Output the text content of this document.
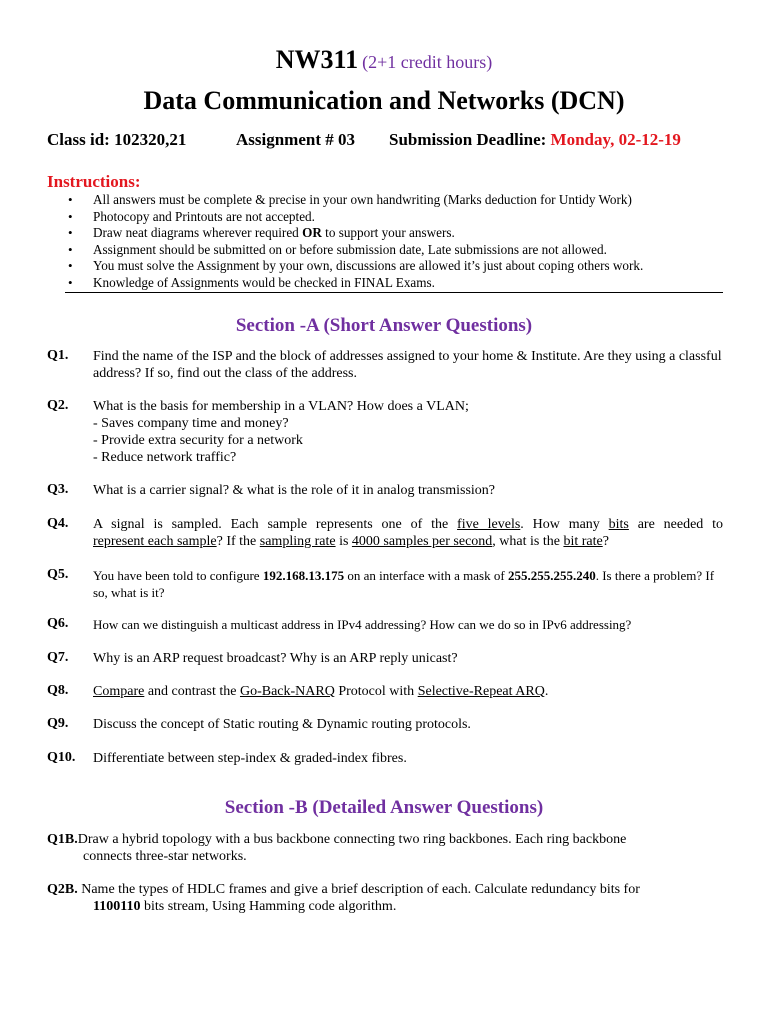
NW311 (2+1 credit hours)
Data Communication and Networks (DCN)
Class id: 102320,21	Assignment # 03 Submission Deadline: Monday, 02-12-19
Instructions:
• All answers must be complete & precise in your own handwriting (Marks deduction for Untidy Work)
• Photocopy and Printouts are not accepted.
• Draw neat diagrams wherever required OR to support your answers.
• Assignment should be submitted on or before submission date, Late submissions are not allowed.
• You must solve the Assignment by your own, discussions are allowed it’s just about coping others work.
• Knowledge of Assignments would be checked in FINAL Exams.
Section -A (Short Answer Questions)
Q1. Find the name of the ISP and the block of addresses assigned to your home & Institute. Are they using a classful address? If so, find out the class of the address.
Q2. What is the basis for membership in a VLAN? How does a VLAN;
- Saves company time and money?
- Provide extra security for a network
- Reduce network traffic?
Q3. What is a carrier signal? & what is the role of it in analog transmission?
Q4. A signal is sampled. Each sample represents one of the five levels. How many bits are needed to
represent each sample? If the sampling rate is 4000 samples per second, what is the bit rate?
Q5. You have been told to configure 192.168.13.175 on an interface with a mask of 255.255.255.240. Is there a problem? If so, what is it?
Q6. How can we distinguish a multicast address in IPv4 addressing? How can we do so in IPv6 addressing?
Q7. Why is an ARP request broadcast? Why is an ARP reply unicast?
Q8. Compare and contrast the Go-Back-NARQ Protocol with Selective-Repeat ARQ.
Q9. Discuss the concept of Static routing & Dynamic routing protocols.
Q10. Differentiate between step-index & graded-index fibres.
Section -B (Detailed Answer Questions)
Q1B.Draw a hybrid topology with a bus backbone connecting two ring backbones. Each ring backbone
connects three-star networks.
Q2B. Name the types of HDLC frames and give a brief description of each. Calculate redundancy bits for
1100110 bits stream, Using Hamming code algorithm.
